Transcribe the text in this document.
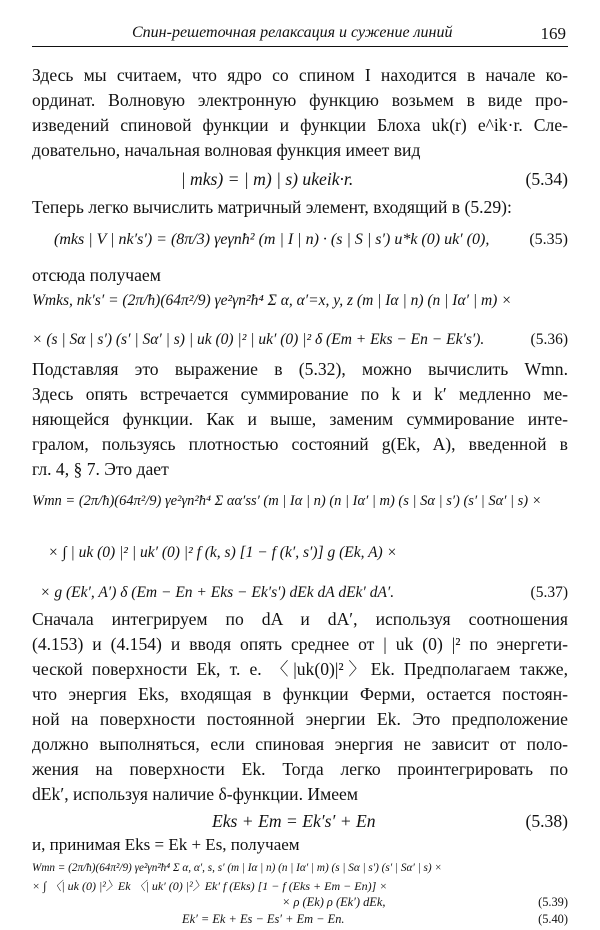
Спин-решеточная релаксация и сужение линий	169
Здесь мы считаем, что ядро со спином I находится в начале ко-
ординат. Волновую электронную функцию возьмем в виде про-
изведений спиновой функции и функции Блоха uk(r) e^ik·r. Сле-
довательно, начальная волновая функция имеет вид
| mks) = | m) | s) ukeik·r.	(5.34)
Теперь легко вычислить матричный элемент, входящий в (5.29):
(mks | V | nk′s′) = (8π/3) γeγnħ² (m | I | n) · (s | S | s′) u*k (0) uk′ (0),	(5.35)
отсюда получаем
Wmks, nk′s′ = (2π/ħ)(64π²/9) γe²γn²ħ⁴ Σ α, α′=x, y, z (m | Iα | n) (n | Iα′ | m) ×
× (s | Sα | s′) (s′ | Sα′ | s) | uk (0) |² | uk′ (0) |² δ (Em + Eks − En − Ek′s′).	(5.36)
Подставляя это выражение в (5.32), можно вычислить Wmn.
Здесь опять встречается суммирование по k и k′ медленно ме-
няющейся функции. Как и выше, заменим суммирование инте-
гралом, пользуясь плотностью состояний g(Ek, A), введенной в
гл. 4, § 7. Это дает
Wmn = (2π/ħ)(64π²/9) γe²γn²ħ⁴ Σ αα′ss′ (m | Iα | n) (n | Iα′ | m) (s | Sα | s′) (s′ | Sα′ | s) ×
× ∫ | uk (0) |² | uk′ (0) |² f (k, s) [1 − f (k′, s′)] g (Ek, A) ×
× g (Ek′, A′) δ (Em − En + Eks − Ek′s′) dEk dA dEk′ dA′.	(5.37)
Сначала интегрируем по dA и dA′, используя соотношения
(4.153) и (4.154) и вводя опять среднее от | uk (0) |² по энергети-
ческой поверхности Ek, т. е. 〈|uk(0)|²〉Ek. Предполагаем также,
что энергия Eks, входящая в функции Ферми, остается постоян-
ной на поверхности постоянной энергии Ek. Это предположение
должно выполняться, если спиновая энергия не зависит от поло-
жения на поверхности Ek. Тогда легко проинтегрировать по
dEk′, используя наличие δ-функции. Имеем
Eks + Em = Ek′s′ + En	(5.38)
и, принимая Eks = Ek + Es, получаем
Wmn = (2π/ħ)(64π²/9) γe²γn²ħ⁴ Σ α, α′, s, s′ (m | Iα | n) (n | Iα′ | m) (s | Sα | s′) (s′ | Sα′ | s) ×
× ∫ 〈| uk (0) |²〉Ek 〈| uk′ (0) |²〉Ek′ f (Eks) [1 − f (Eks + Em − En)] ×
× ρ (Ek) ρ (Ek′) dEk,	(5.39)
Ek′ = Ek + Es − Es′ + Em − En.	(5.40)
